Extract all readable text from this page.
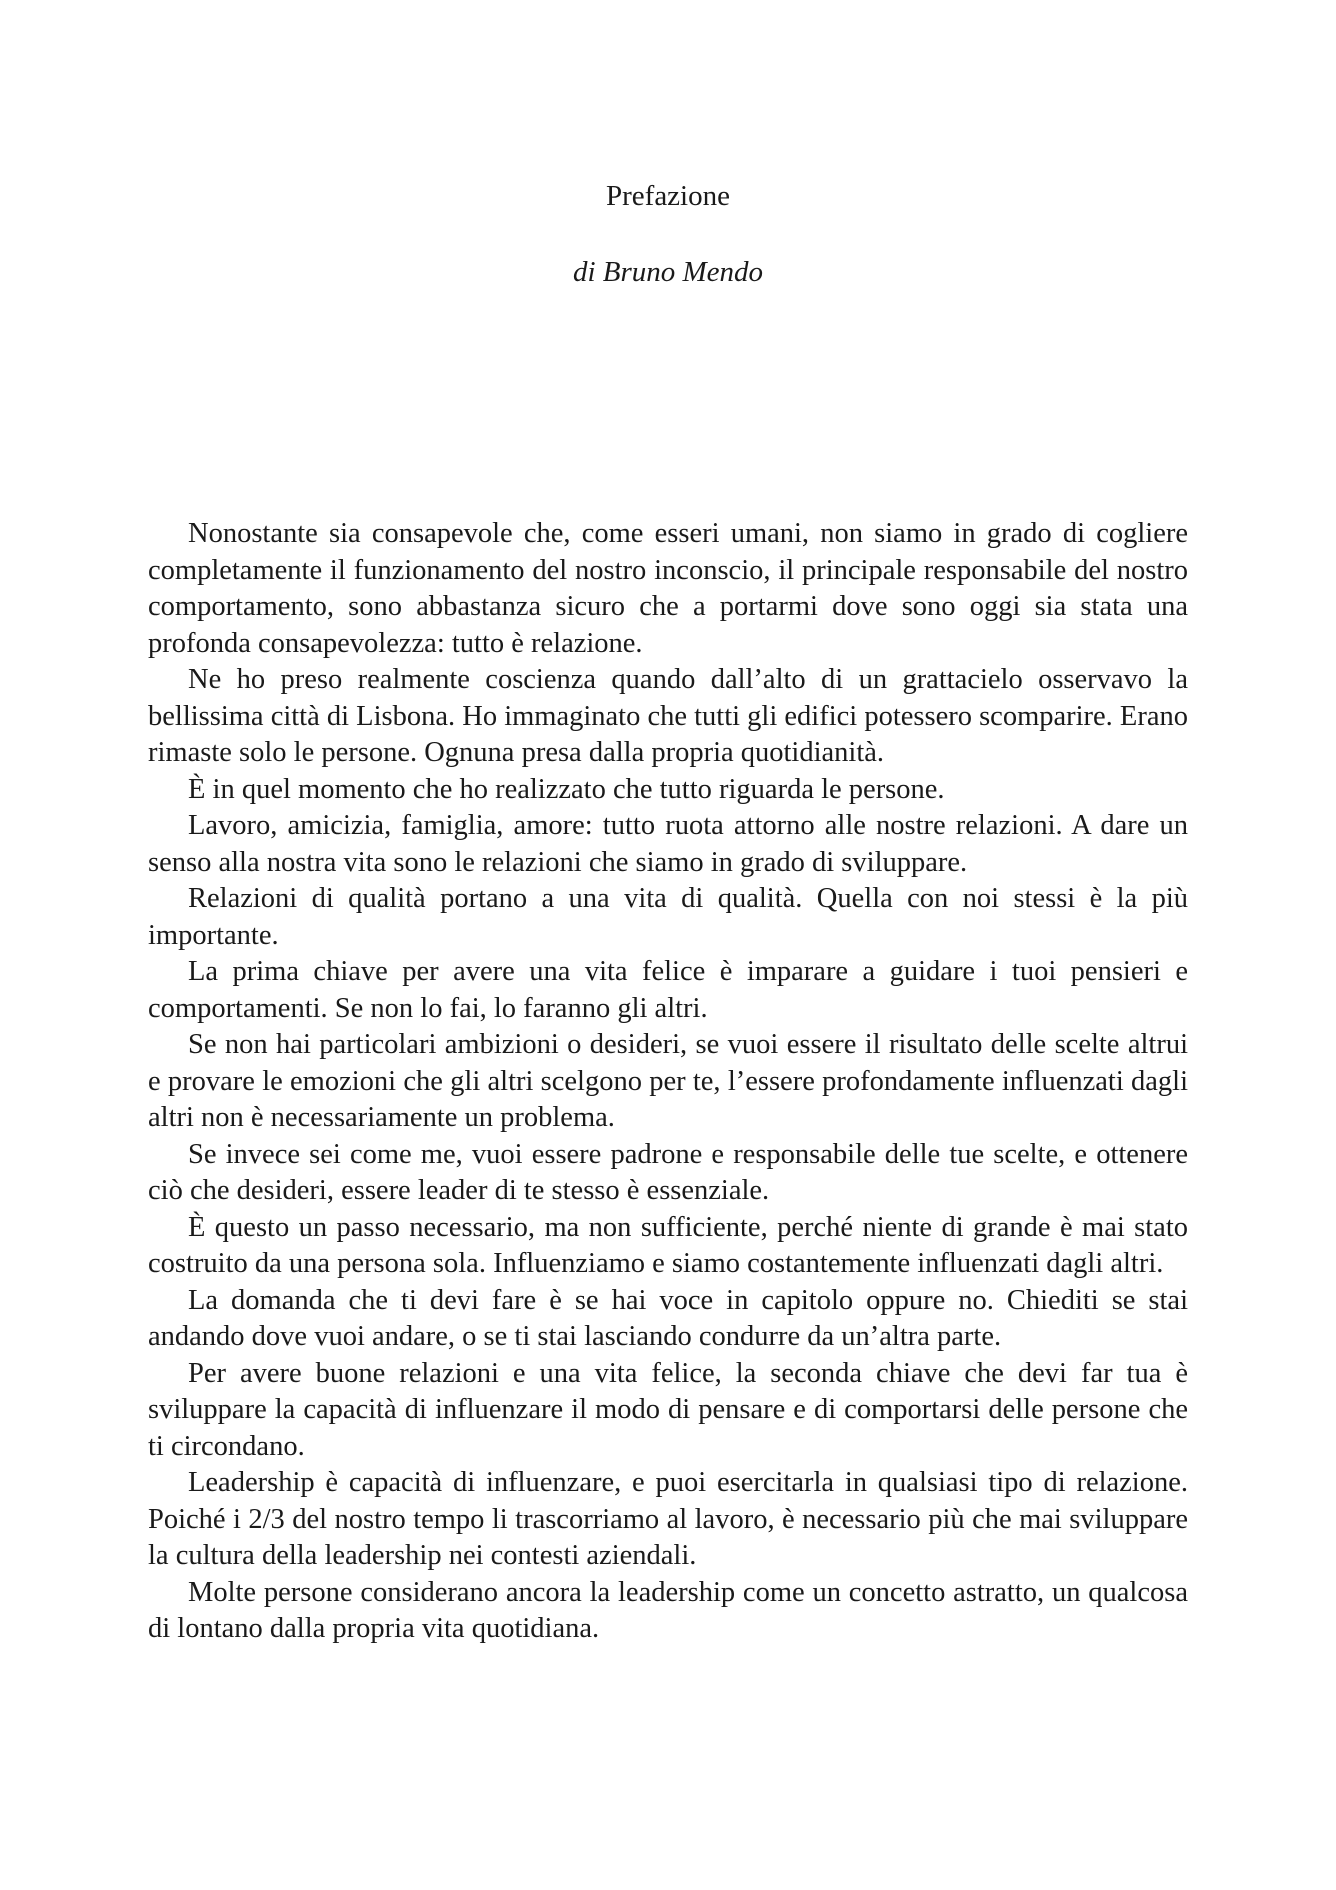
Prefazione
di Bruno Mendo

Nonostante sia consapevole che, come esseri umani, non siamo in grado di cogliere completamente il funzionamento del nostro inconscio, il principale responsabile del nostro comportamento, sono abbastanza sicuro che a portarmi dove sono oggi sia stata una profonda consapevolezza: tutto è relazione.

Ne ho preso realmente coscienza quando dall’alto di un grattacielo osservavo la bellissima città di Lisbona. Ho immaginato che tutti gli edifici potessero scomparire. Erano rimaste solo le persone. Ognuna presa dalla propria quotidianità.

È in quel momento che ho realizzato che tutto riguarda le persone.

Lavoro, amicizia, famiglia, amore: tutto ruota attorno alle nostre relazioni. A dare un senso alla nostra vita sono le relazioni che siamo in grado di sviluppare.

Relazioni di qualità portano a una vita di qualità. Quella con noi stessi è la più importante.

La prima chiave per avere una vita felice è imparare a guidare i tuoi pensieri e comportamenti. Se non lo fai, lo faranno gli altri.

Se non hai particolari ambizioni o desideri, se vuoi essere il risultato delle scelte altrui e provare le emozioni che gli altri scelgono per te, l’essere profondamente influenzati dagli altri non è necessariamente un problema.

Se invece sei come me, vuoi essere padrone e responsabile delle tue scelte, e ottenere ciò che desideri, essere leader di te stesso è essenziale.

È questo un passo necessario, ma non sufficiente, perché niente di grande è mai stato costruito da una persona sola. Influenziamo e siamo costantemente influenzati dagli altri.

La domanda che ti devi fare è se hai voce in capitolo oppure no. Chiediti se stai andando dove vuoi andare, o se ti stai lasciando condurre da un’altra parte.

Per avere buone relazioni e una vita felice, la seconda chiave che devi far tua è sviluppare la capacità di influenzare il modo di pensare e di comportarsi delle persone che ti circondano.

Leadership è capacità di influenzare, e puoi esercitarla in qualsiasi tipo di relazione. Poiché i 2/3 del nostro tempo li trascorriamo al lavoro, è necessario più che mai sviluppare la cultura della leadership nei contesti aziendali.

Molte persone considerano ancora la leadership come un concetto astratto, un qualcosa di lontano dalla propria vita quotidiana.
